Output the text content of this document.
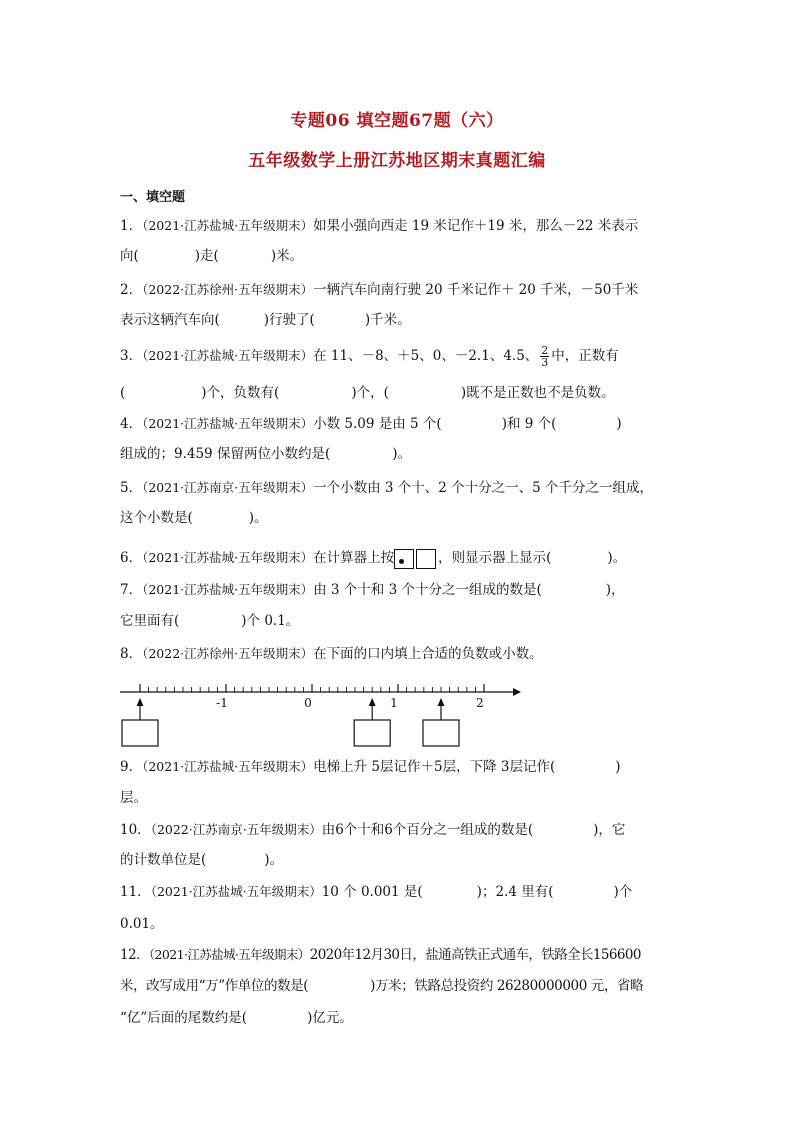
专题06 填空题67题（六）
五年级数学上册江苏地区期末真题汇编
一、填空题
1．（2021·江苏盐城·五年级期末）如果小强向西走 19 米记作＋19 米，那么－22 米表示
向(	)走(	)米。
2．（2022·江苏徐州·五年级期末）一辆汽车向南行驶 20 千米记作＋ 20 千米，－50千米
表示这辆汽车向(	)行驶了(	)千米。
3．（2021·江苏盐城·五年级期末）在 11、－8、＋5、0、－2.1、4.5、 $\frac{2}{3}$ 中，正数有
(	)个，负数有(	)个，(	)既不是正数也不是负数。
4．（2021·江苏盐城·五年级期末）小数 5.09 是由 5 个(	)和 9 个(	)
组成的；9.459 保留两位小数约是(	)。
5．（2021·江苏南京·五年级期末）一个小数由 3 个十、2 个十分之一、5 个千分之一组成，
这个小数是(	)。
6．（2021·江苏盐城·五年级期末）在计算器上按	，则显示器上显示(	)。
7．（2021·江苏盐城·五年级期末）由 3 个十和 3 个十分之一组成的数是(	)，
它里面有(	)个 0.1。
8．（2022·江苏徐州·五年级期末）在下面的口内填上合适的负数或小数。
-1	0	1	2
9．（2021·江苏盐城·五年级期末）电梯上升 5层记作＋5层，下降 3层记作(	)
层。
10．（2022·江苏南京·五年级期末）由6个十和6个百分之一组成的数是(	)，它
的计数单位是(	)。
11．（2021·江苏盐城·五年级期末）10 个 0.001 是(	)；2.4 里有(	)个
0.01。
12．（2021·江苏盐城·五年级期末）2020年12月30日，盐通高铁正式通车，铁路全长156600
米，改写成用“万”作单位的数是(	)万米；铁路总投资约 26280000000 元，省略
“亿”后面的尾数约是(	)亿元。
